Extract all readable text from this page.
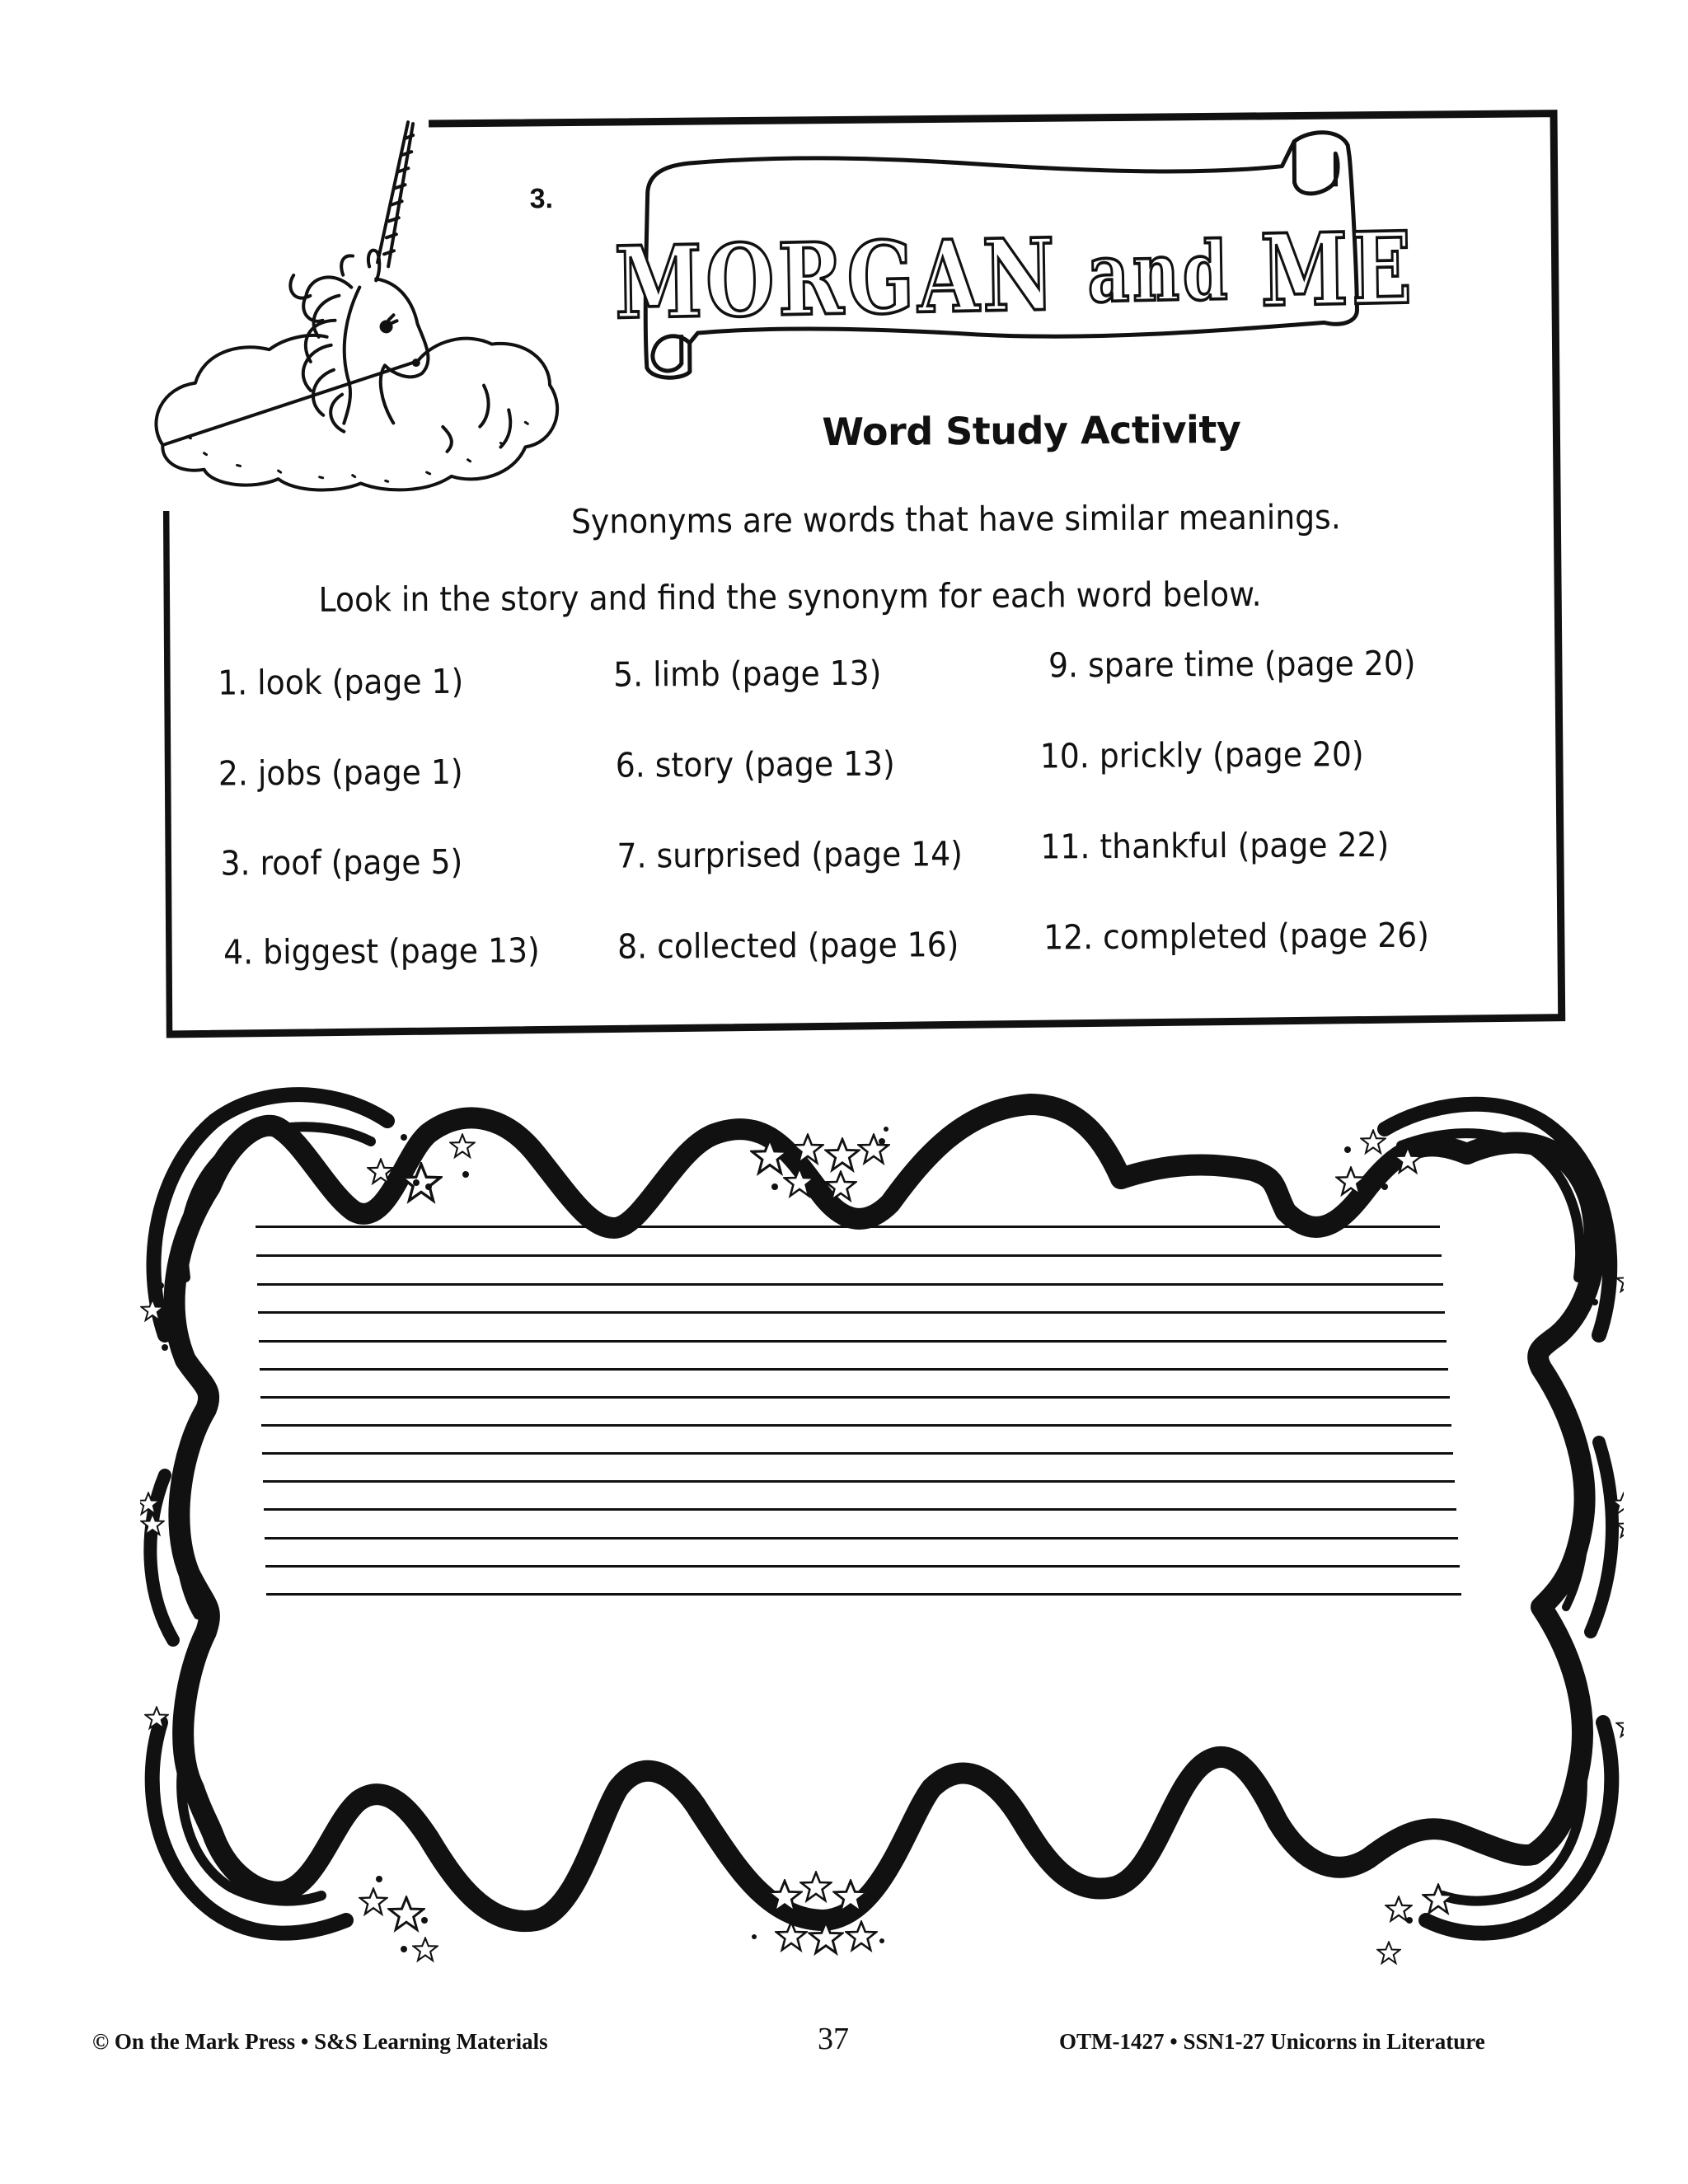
3.
MORGAN and ME
Word Study Activity
Synonyms are words that have similar meanings.
Look in the story and find the synonym for each word below.
1. look (page 1)
2. jobs (page 1)
3. roof (page 5)
4. biggest (page 13)
5. limb (page 13)
6. story (page 13)
7. surprised (page 14)
8. collected (page 16)
9. spare time (page 20)
10. prickly (page 20)
11. thankful (page 22)
12. completed (page 26)
© On the Mark Press • S&S Learning Materials	37	OTM-1427 • SSN1-27 Unicorns in Literature
